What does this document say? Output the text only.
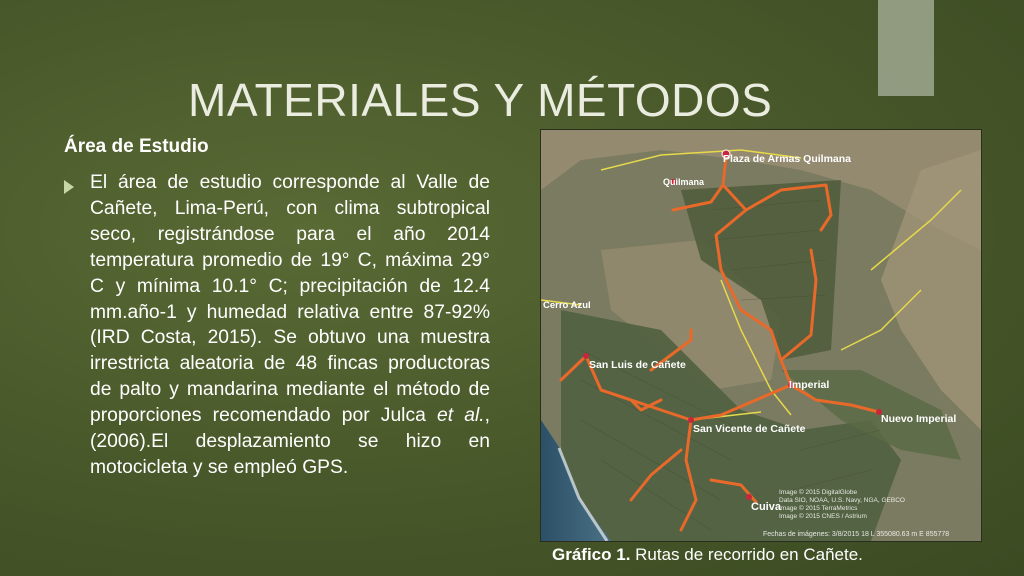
MATERIALES Y MÉTODOS
Área de Estudio
El área de estudio corresponde al Valle de Cañete, Lima-Perú, con clima subtropical seco, registrándose para el año 2014 temperatura promedio de 19° C, máxima 29° C y mínima 10.1° C; precipitación de 12.4 mm.año-1 y humedad relativa entre 87-92% (IRD Costa, 2015). Se obtuvo una muestra irrestricta aleatoria de 48 fincas productoras de palto y mandarina mediante el método de proporciones recomendado por Julca et al., (2006).El desplazamiento se hizo en motocicleta y se empleó GPS.
Plaza de Armas Quilmana
Quilmana
Cerro Azul
San Luis de Cañete
Imperial
Nuevo Imperial
San Vicente de Cañete
Cuiva
Image © 2015 DigitalGlobe
Data SIO, NOAA, U.S. Navy, NGA, GEBCO
Image © 2015 TerraMetrics
Image © 2015 CNES / Astrium
Fechas de imágenes: 3/8/2015 18 L 355080.63 m E 855778
Gráfico 1. Rutas de recorrido en Cañete.
